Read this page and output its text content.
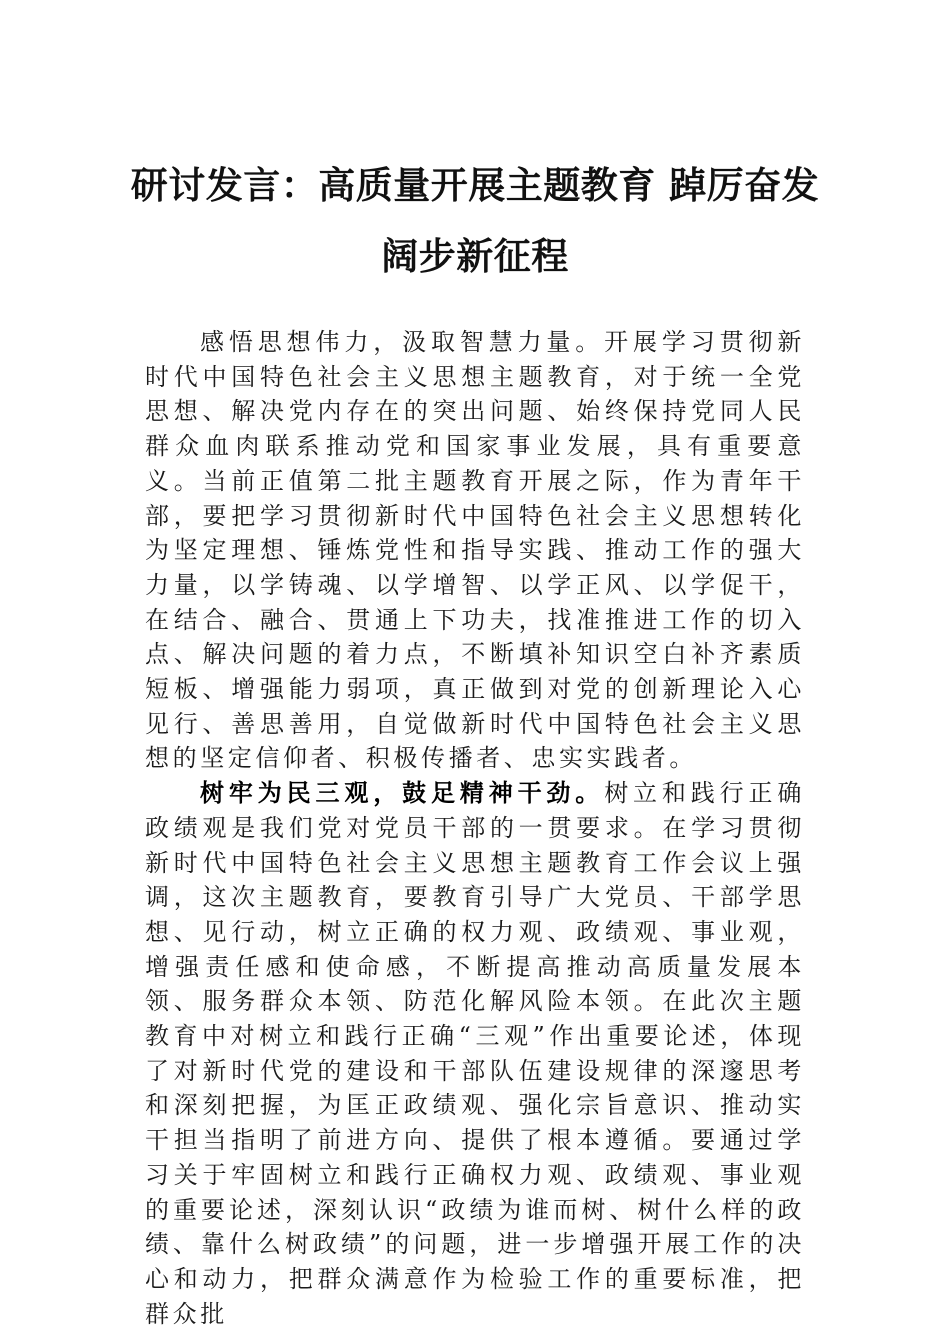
研讨发言：高质量开展主题教育 踔厉奋发阔步新征程

感悟思想伟力，汲取智慧力量。开展学习贯彻新时代中国特色社会主义思想主题教育，对于统一全党思想、解决党内存在的突出问题、始终保持党同人民群众血肉联系推动党和国家事业发展，具有重要意义。当前正值第二批主题教育开展之际，作为青年干部，要把学习贯彻新时代中国特色社会主义思想转化为坚定理想、锤炼党性和指导实践、推动工作的强大力量，以学铸魂、以学增智、以学正风、以学促干，在结合、融合、贯通上下功夫，找准推进工作的切入点、解决问题的着力点，不断填补知识空白补齐素质短板、增强能力弱项，真正做到对党的创新理论入心见行、善思善用，自觉做新时代中国特色社会主义思想的坚定信仰者、积极传播者、忠实实践者。

树牢为民三观，鼓足精神干劲。树立和践行正确政绩观是我们党对党员干部的一贯要求。在学习贯彻新时代中国特色社会主义思想主题教育工作会议上强调，这次主题教育，要教育引导广大党员、干部学思想、见行动，树立正确的权力观、政绩观、事业观，增强责任感和使命感，不断提高推动高质量发展本领、服务群众本领、防范化解风险本领。在此次主题教育中对树立和践行正确“三观”作出重要论述，体现了对新时代党的建设和干部队伍建设规律的深邃思考和深刻把握，为匡正政绩观、强化宗旨意识、推动实干担当指明了前进方向、提供了根本遵循。要通过学习关于牢固树立和践行正确权力观、政绩观、事业观的重要论述，深刻认识“政绩为谁而树、树什么样的政绩、靠什么树政绩”的问题，进一步增强开展工作的决心和动力，把群众满意作为检验工作的重要标准，把群众批
